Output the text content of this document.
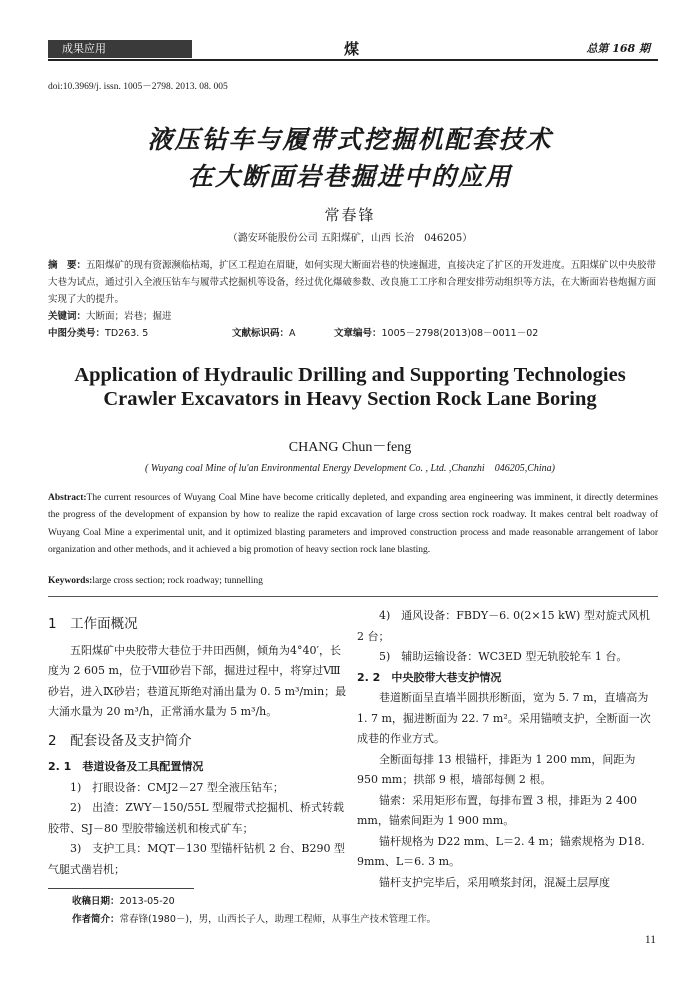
成果应用	煤	总第 168 期
doi:10.3969/j. issn. 1005－2798. 2013. 08. 005
液压钻车与履带式挖掘机配套技术
在大断面岩巷掘进中的应用
常春锋
（潞安环能股份公司 五阳煤矿，山西 长治　046205）
摘　要：五阳煤矿的现有资源濒临枯竭，扩区工程迫在眉睫，如何实现大断面岩巷的快速掘进，直接决定了扩区的开发进度。五阳煤矿以中央胶带大巷为试点，通过引入全液压钻车与履带式挖掘机等设备，经过优化爆破参数、改良施工工序和合理安排劳动组织等方法，在大断面岩巷炮掘方面实现了大的提升。
关键词：大断面；岩巷；掘进
中图分类号：TD263. 5	文献标识码：A	文章编号：1005－2798(2013)08－0011－02
Application of Hydraulic Drilling and Supporting Technologies
Crawler Excavators in Heavy Section Rock Lane Boring
CHANG Chun－feng
( Wuyang coal Mine of lu'an Environmental Energy Development Co. , Ltd. ,Chanzhi　046205,China)
Abstract:The current resources of Wuyang Coal Mine have become critically depleted, and expanding area engineering was imminent, it directly determines the progress of the development of expansion by how to realize the rapid excavation of large cross section rock roadway. It makes central belt roadway of Wuyang Coal Mine a experimental unit, and it optimized blasting parameters and improved construction process and made reasonable arrangement of labor organization and other methods, and it achieved a big promotion of heavy section rock lane blasting.
Keywords:large cross section; rock roadway; tunnelling

1　工作面概况

五阳煤矿中央胶带大巷位于井田西侧，倾角为4°40′，长度为 2 605 m，位于Ⅷ砂岩下部，掘进过程中，将穿过Ⅷ砂岩，进入Ⅸ砂岩；巷道瓦斯绝对涌出量为 0. 5 m³/min；最大涌水量为 20 m³/h，正常涌水量为 5 m³/h。

2　配套设备及支护简介

2. 1　巷道设备及工具配置情况

1)　打眼设备：CMJ2－27 型全液压钻车；

2)　出渣：ZWY－150/55L 型履带式挖掘机、桥式转载胶带、SJ－80 型胶带输送机和梭式矿车；

3)　支护工具：MQT－130 型锚杆钻机 2 台、B290 型气腿式凿岩机；

4)　通风设备：FBDY－6. 0(2×15 kW) 型对旋式风机 2 台；

5)　辅助运输设备：WC3ED 型无轨胶轮车 1 台。

2. 2　中央胶带大巷支护情况

巷道断面呈直墙半圆拱形断面，宽为 5. 7 m，直墙高为 1. 7 m，掘进断面为 22. 7 m²。采用锚喷支护，全断面一次成巷的作业方式。

全断面每排 13 根锚杆，排距为 1 200 mm，间距为 950 mm；拱部 9 根，墙部每侧 2 根。

锚索：采用矩形布置，每排布置 3 根，排距为 2 400 mm，锚索间距为 1 900 mm。

锚杆规格为 D22 mm、L＝2. 4 m；锚索规格为 D18. 9mm、L＝6. 3 m。

锚杆支护完毕后，采用喷浆封闭，混凝土层厚度

收稿日期：2013-05-20
作者简介：常春锋(1980－)，男，山西长子人，助理工程师，从事生产技术管理工作。
11
